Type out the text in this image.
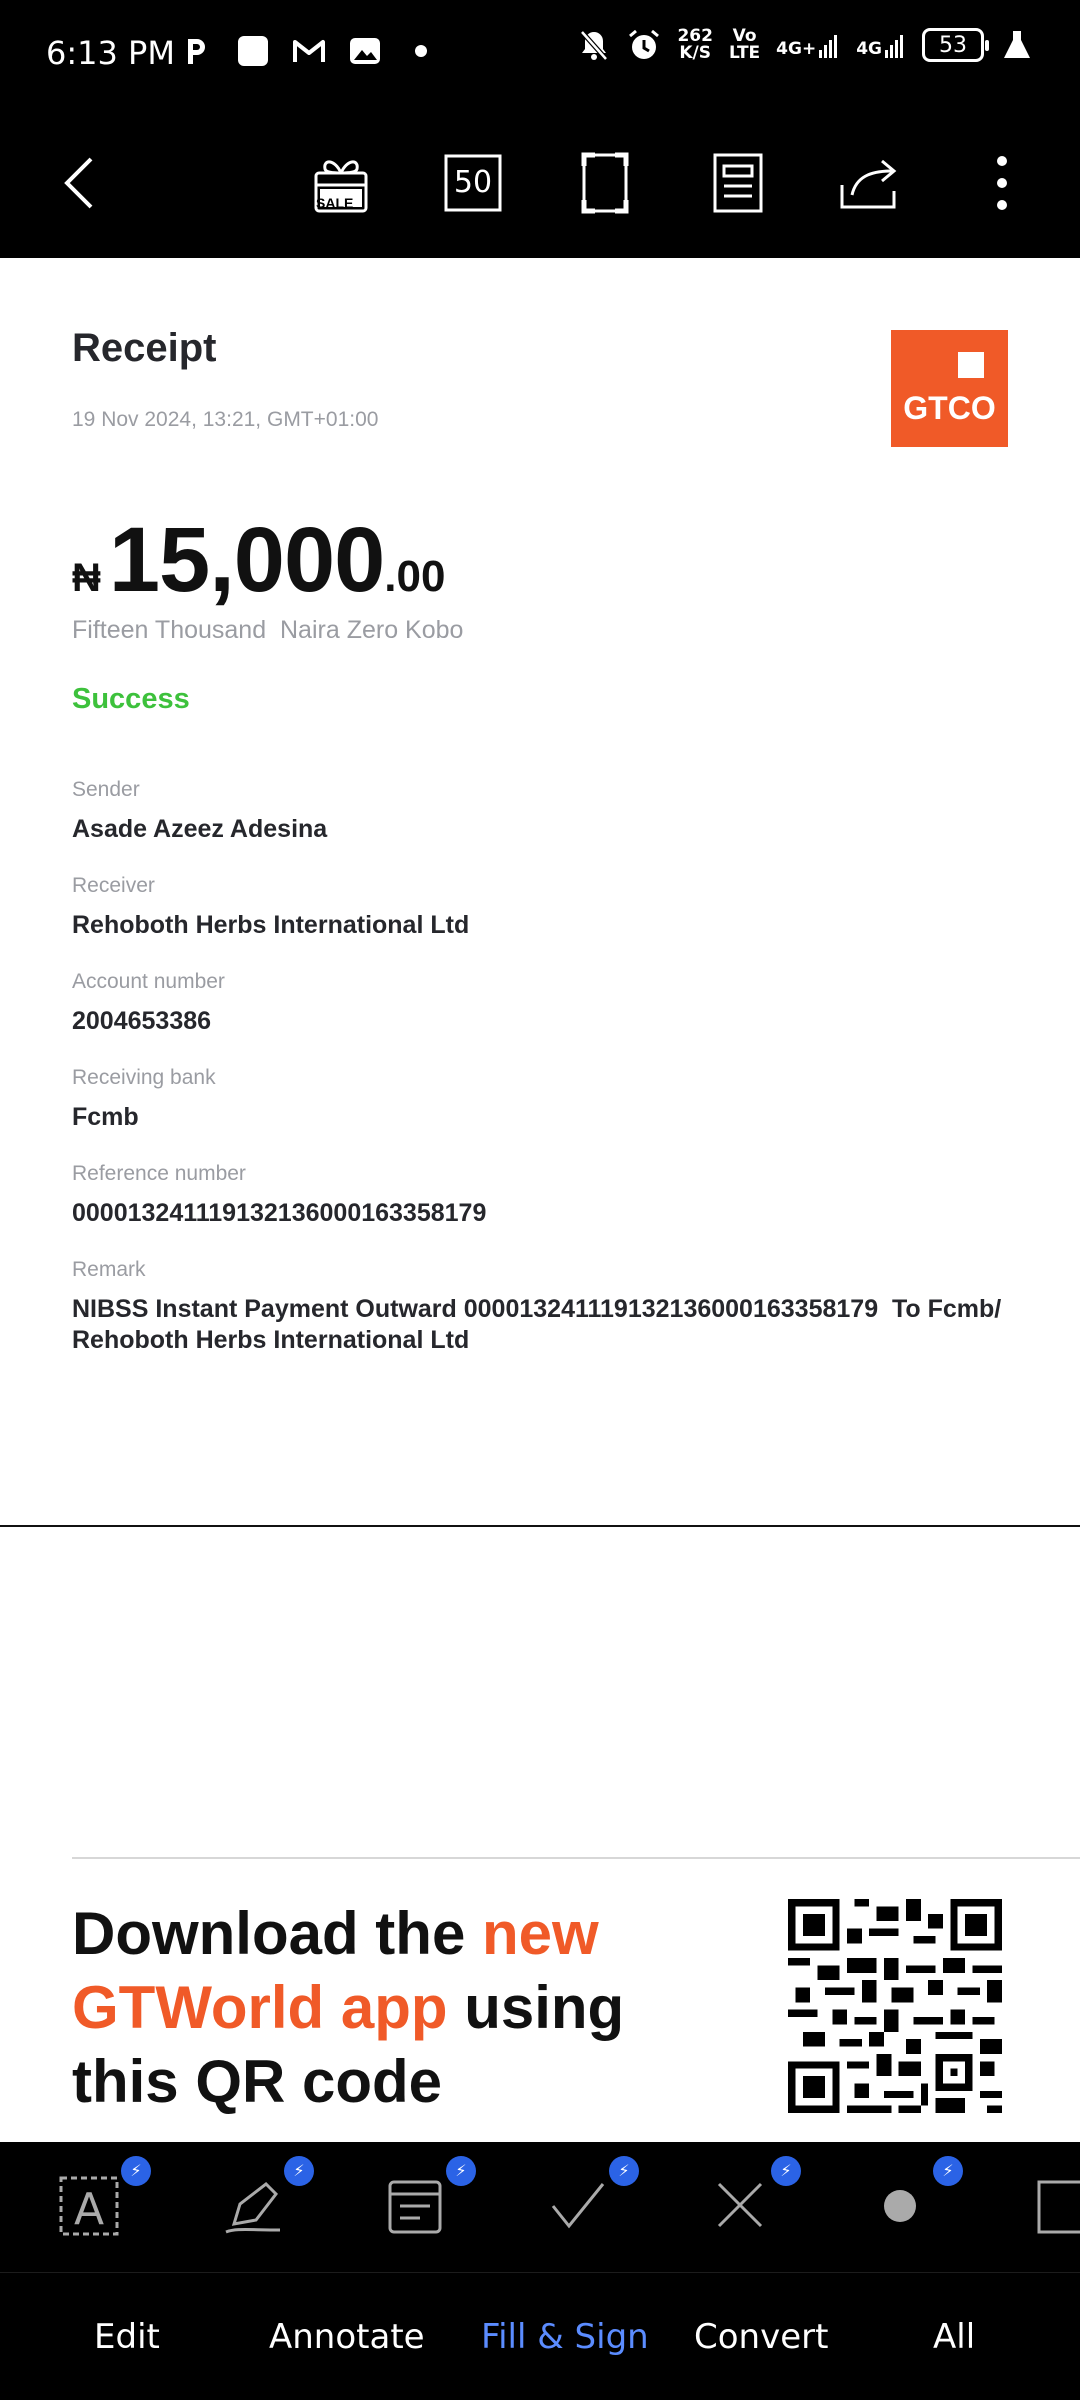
6:13 PM	262
K/S
Vo
LTE 4G+ 4G	53
SALE
50
Receipt
19 Nov 2024, 13:21, GMT+01:00	GTCO
₦ 15,000 .00
Fifteen Thousand  Naira Zero Kobo
Success
Sender
Asade Azeez Adesina
Receiver
Rehoboth Herbs International Ltd
Account number
2004653386
Receiving bank
Fcmb
Reference number
000013241119132136000163358179
Remark
NIBSS Instant Payment Outward 000013241119132136000163358179  To Fcmb/
Rehoboth Herbs International Ltd
Download the new
GTWorld app using
this QR code
A
⚡	⚡	⚡	⚡	⚡	⚡
Edit	Annotate Fill & Sign Convert	All
